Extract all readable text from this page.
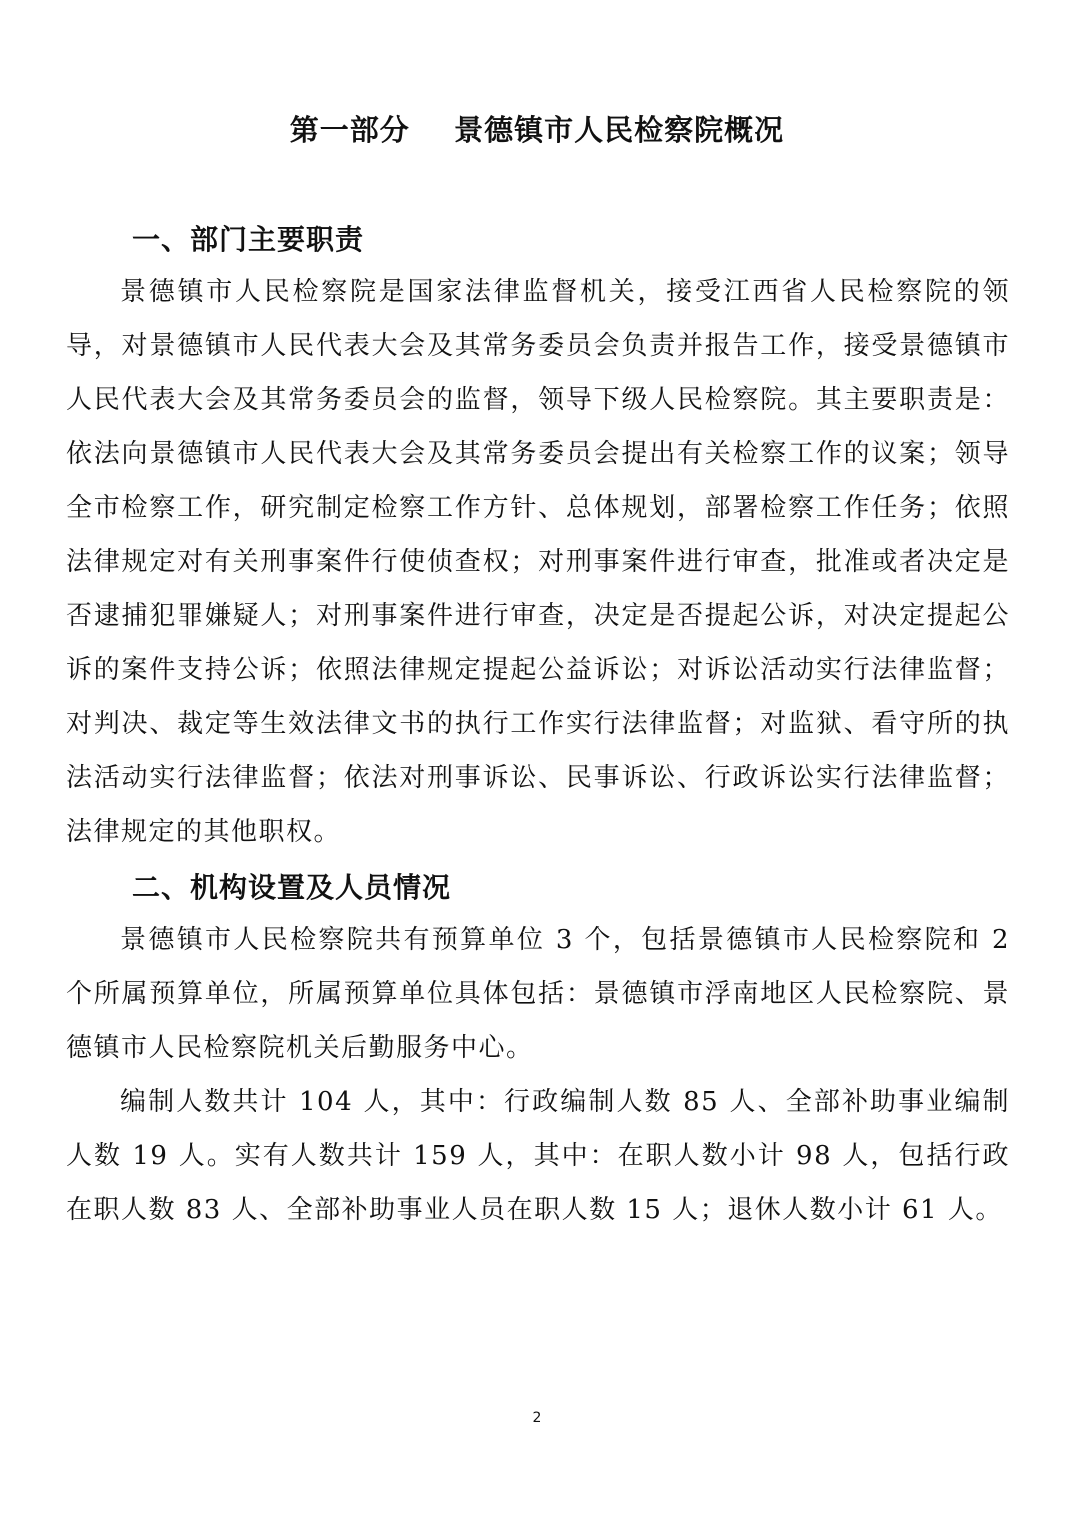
第一部分    景德镇市人民检察院概况
一、部门主要职责

景德镇市人民检察院是国家法律监督机关，接受江西省人民检察院的领导，对景德镇市人民代表大会及其常务委员会负责并报告工作，接受景德镇市人民代表大会及其常务委员会的监督，领导下级人民检察院。其主要职责是：依法向景德镇市人民代表大会及其常务委员会提出有关检察工作的议案；领导全市检察工作，研究制定检察工作方针、总体规划，部署检察工作任务；依照法律规定对有关刑事案件行使侦查权；对刑事案件进行审查，批准或者决定是否逮捕犯罪嫌疑人；对刑事案件进行审查，决定是否提起公诉，对决定提起公诉的案件支持公诉；依照法律规定提起公益诉讼；对诉讼活动实行法律监督；对判决、裁定等生效法律文书的执行工作实行法律监督；对监狱、看守所的执法活动实行法律监督；依法对刑事诉讼、民事诉讼、行政诉讼实行法律监督；法律规定的其他职权。

二、机构设置及人员情况

景德镇市人民检察院共有预算单位 3 个，包括景德镇市人民检察院和 2 个所属预算单位，所属预算单位具体包括：景德镇市浮南地区人民检察院、景德镇市人民检察院机关后勤服务中心。

编制人数共计 104 人，其中：行政编制人数 85 人、全部补助事业编制人数 19 人。实有人数共计 159 人，其中：在职人数小计 98 人，包括行政在职人数 83 人、全部补助事业人员在职人数 15 人；退休人数小计 61 人。

2
